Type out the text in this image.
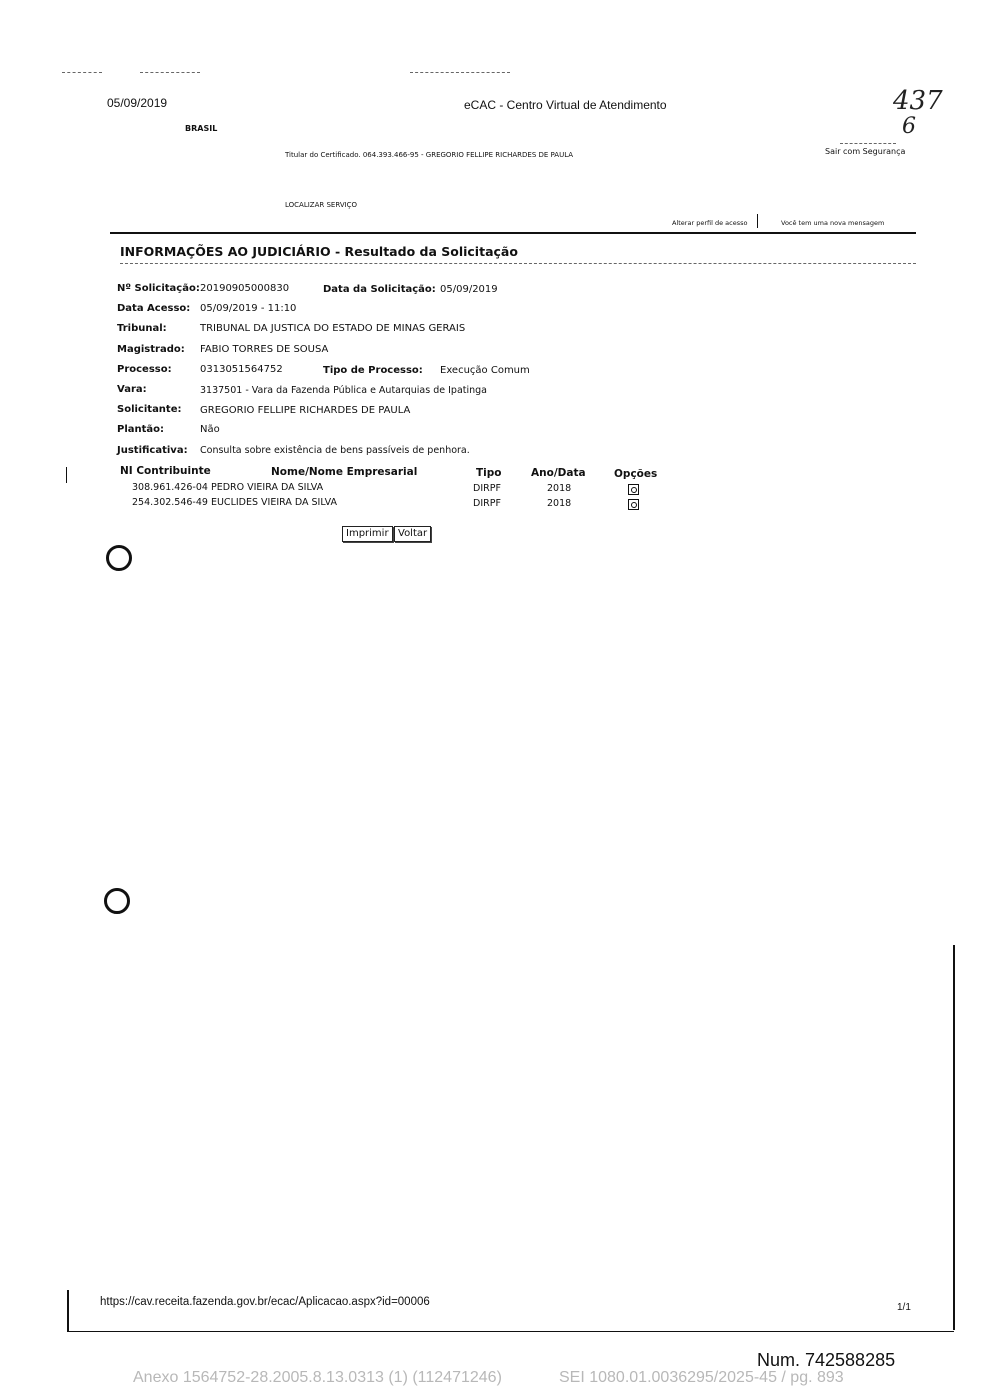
05/09/2019	eCAC - Centro Virtual de Atendimento	437
6
BRASIL
Titular do Certificado. 064.393.466-95 - GREGORIO FELLIPE RICHARDES DE PAULA	Sair com Segurança
LOCALIZAR SERVIÇO
Alterar perfil de acesso	Você tem uma nova mensagem
INFORMAÇÕES AO JUDICIÁRIO - Resultado da Solicitação
Nº Solicitação: 20190905000830	Data da Solicitação: 05/09/2019
Data Acesso: 05/09/2019 - 11:10
Tribunal:	TRIBUNAL DA JUSTICA DO ESTADO DE MINAS GERAIS
Magistrado: FABIO TORRES DE SOUSA
Processo:	0313051564752	Tipo de Processo: Execução Comum
Vara:	3137501 - Vara da Fazenda Pública e Autarquias de Ipatinga
Solicitante: GREGORIO FELLIPE RICHARDES DE PAULA
Plantão:	Não
Justificativa: Consulta sobre existência de bens passíveis de penhora.
NI Contribuinte	Nome/Nome Empresarial	Tipo	Ano/Data	Opções
308.961.426-04 PEDRO VIEIRA DA SILVA	DIRPF	2018
254.302.546-49 EUCLIDES VIEIRA DA SILVA	DIRPF	2018
Imprimir Voltar
https://cav.receita.fazenda.gov.br/ecac/Aplicacao.aspx?id=00006	1/1
Num. 742588285
Anexo 1564752-28.2005.8.13.0313 (1) (112471246)	SEI 1080.01.0036295/2025-45 / pg. 893
